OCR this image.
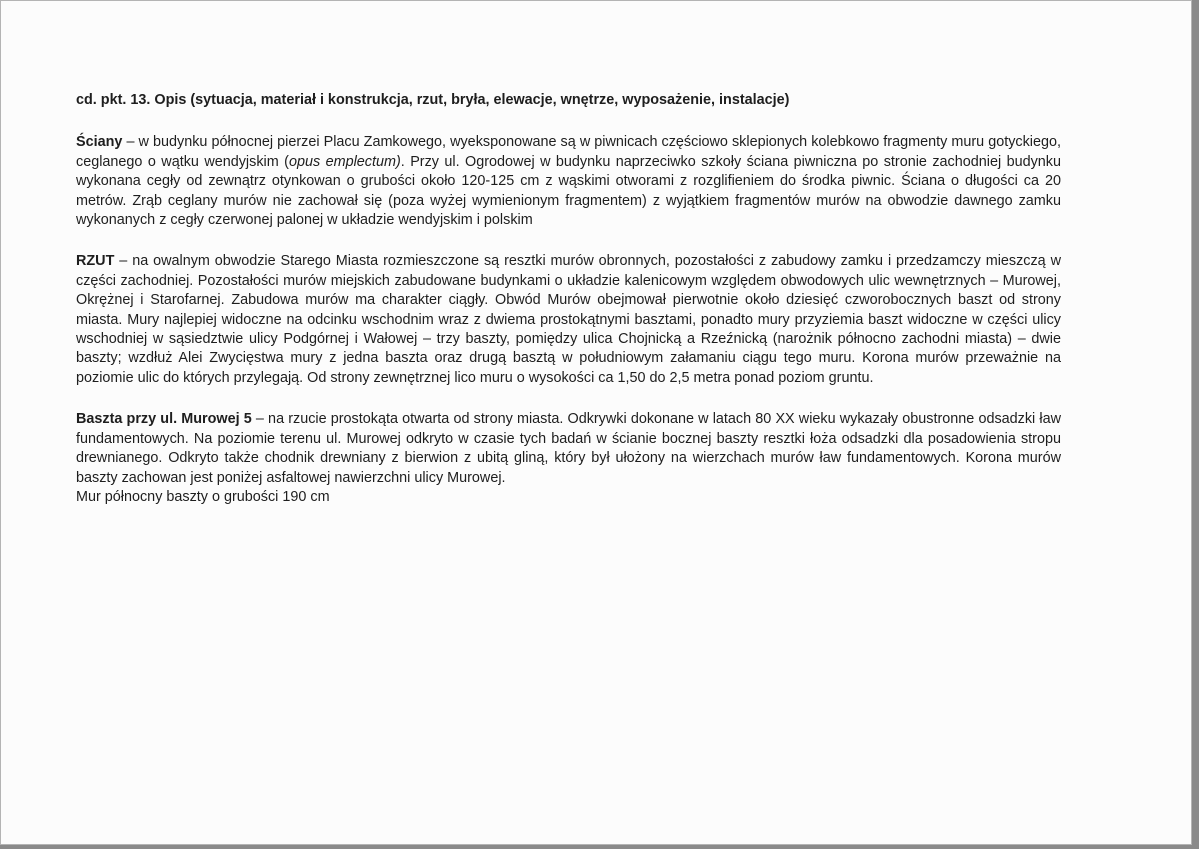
cd. pkt. 13. Opis (sytuacja, materiał i konstrukcja, rzut, bryła, elewacje, wnętrze, wyposażenie, instalacje)

Ściany – w budynku północnej pierzei Placu Zamkowego, wyeksponowane są w piwnicach częściowo sklepionych kolebkowo fragmenty muru gotyckiego, ceglanego o wątku wendyjskim (opus emplectum). Przy ul. Ogrodowej w budynku naprzeciwko szkoły ściana piwniczna po stronie zachodniej budynku wykonana cegły od zewnątrz otynkowan o grubości około 120-125 cm z wąskimi otworami z rozglifieniem do środka piwnic. Ściana o długości ca 20 metrów. Zrąb ceglany murów nie zachował się (poza wyżej wymienionym fragmentem) z wyjątkiem fragmentów murów na obwodzie dawnego zamku wykonanych z cegły czerwonej palonej w układzie wendyjskim i polskim

RZUT – na owalnym obwodzie Starego Miasta rozmieszczone są resztki murów obronnych, pozostałości z zabudowy zamku i przedzamczy mieszczą w części zachodniej. Pozostałości murów miejskich zabudowane budynkami o układzie kalenicowym względem obwodowych ulic wewnętrznych – Murowej, Okrężnej i Starofarnej. Zabudowa murów ma charakter ciągły. Obwód Murów obejmował pierwotnie około dziesięć czworobocznych baszt od strony miasta. Mury najlepiej widoczne na odcinku wschodnim wraz z dwiema prostokątnymi basztami, ponadto mury przyziemia baszt widoczne w części ulicy wschodniej w sąsiedztwie ulicy Podgórnej i Wałowej – trzy baszty, pomiędzy ulica Chojnicką a Rzeźnicką (narożnik północno zachodni miasta) – dwie baszty; wzdłuż Alei Zwycięstwa mury z jedna baszta oraz drugą basztą w południowym załamaniu ciągu tego muru. Korona murów przeważnie na poziomie ulic do których przylegają. Od strony zewnętrznej lico muru o wysokości ca 1,50 do 2,5 metra ponad poziom gruntu.

Baszta przy ul. Murowej 5 – na rzucie prostokąta otwarta od strony miasta. Odkrywki dokonane w latach 80 XX wieku wykazały obustronne odsadzki ław fundamentowych. Na poziomie terenu ul. Murowej odkryto w czasie tych badań w ścianie bocznej baszty resztki łoża odsadzki dla posadowienia stropu drewnianego. Odkryto także chodnik drewniany z bierwion z ubitą gliną, który był ułożony na wierzchach murów ław fundamentowych. Korona murów baszty zachowan jest poniżej asfaltowej nawierzchni ulicy Murowej.
Mur północny baszty o grubości 190 cm
